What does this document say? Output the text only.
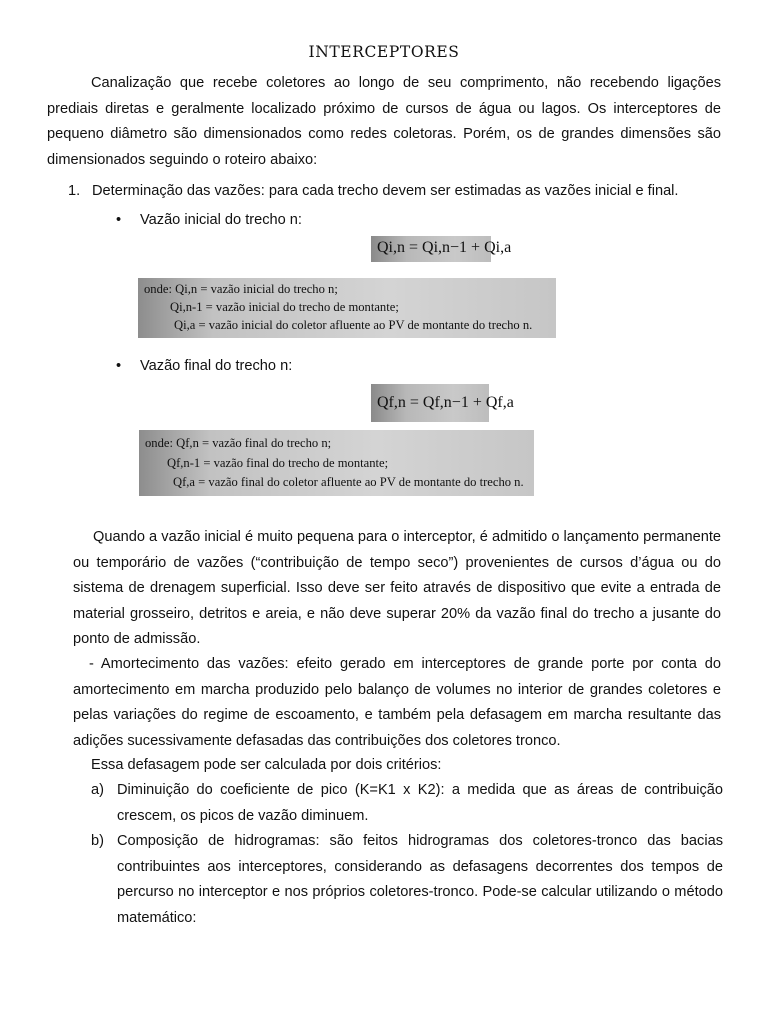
INTERCEPTORES

Canalização que recebe coletores ao longo de seu comprimento, não recebendo ligações prediais diretas e geralmente localizado próximo de cursos de água ou lagos. Os interceptores de pequeno diâmetro são dimensionados como redes coletoras. Porém, os de grandes dimensões são dimensionados seguindo o roteiro abaixo:

1. Determinação das vazões: para cada trecho devem ser estimadas as vazões inicial e final.
• Vazão inicial do trecho n:
Qi,n = Qi,n−1 + Qi,a
onde: Qi,n = vazão inicial do trecho n;
Qi,n-1 = vazão inicial do trecho de montante;
Qi,a = vazão inicial do coletor afluente ao PV de montante do trecho n.
• Vazão final do trecho n:
Qf,n = Qf,n−1 + Qf,a
onde: Qf,n = vazão final do trecho n;
Qf,n-1 = vazão final do trecho de montante;
Qf,a = vazão final do coletor afluente ao PV de montante do trecho n.

Quando a vazão inicial é muito pequena para o interceptor, é admitido o lançamento permanente ou temporário de vazões (“contribuição de tempo seco”) provenientes de cursos d’água ou do sistema de drenagem superficial. Isso deve ser feito através de dispositivo que evite a entrada de material grosseiro, detritos e areia, e não deve superar 20% da vazão final do trecho a jusante do ponto de admissão.

- Amortecimento das vazões: efeito gerado em interceptores de grande porte por conta do amortecimento em marcha produzido pelo balanço de volumes no interior de grandes coletores e pelas variações do regime de escoamento, e também pela defasagem em marcha resultante das adições sucessivamente defasadas das contribuições dos coletores tronco.

Essa defasagem pode ser calculada por dois critérios:
a) Diminuição do coeficiente de pico (K=K1 x K2): a medida que as áreas de contribuição crescem, os picos de vazão diminuem.
b) Composição de hidrogramas: são feitos hidrogramas dos coletores-tronco das bacias contribuintes aos interceptores, considerando as defasagens decorrentes dos tempos de percurso no interceptor e nos próprios coletores-tronco. Pode-se calcular utilizando o método matemático:
